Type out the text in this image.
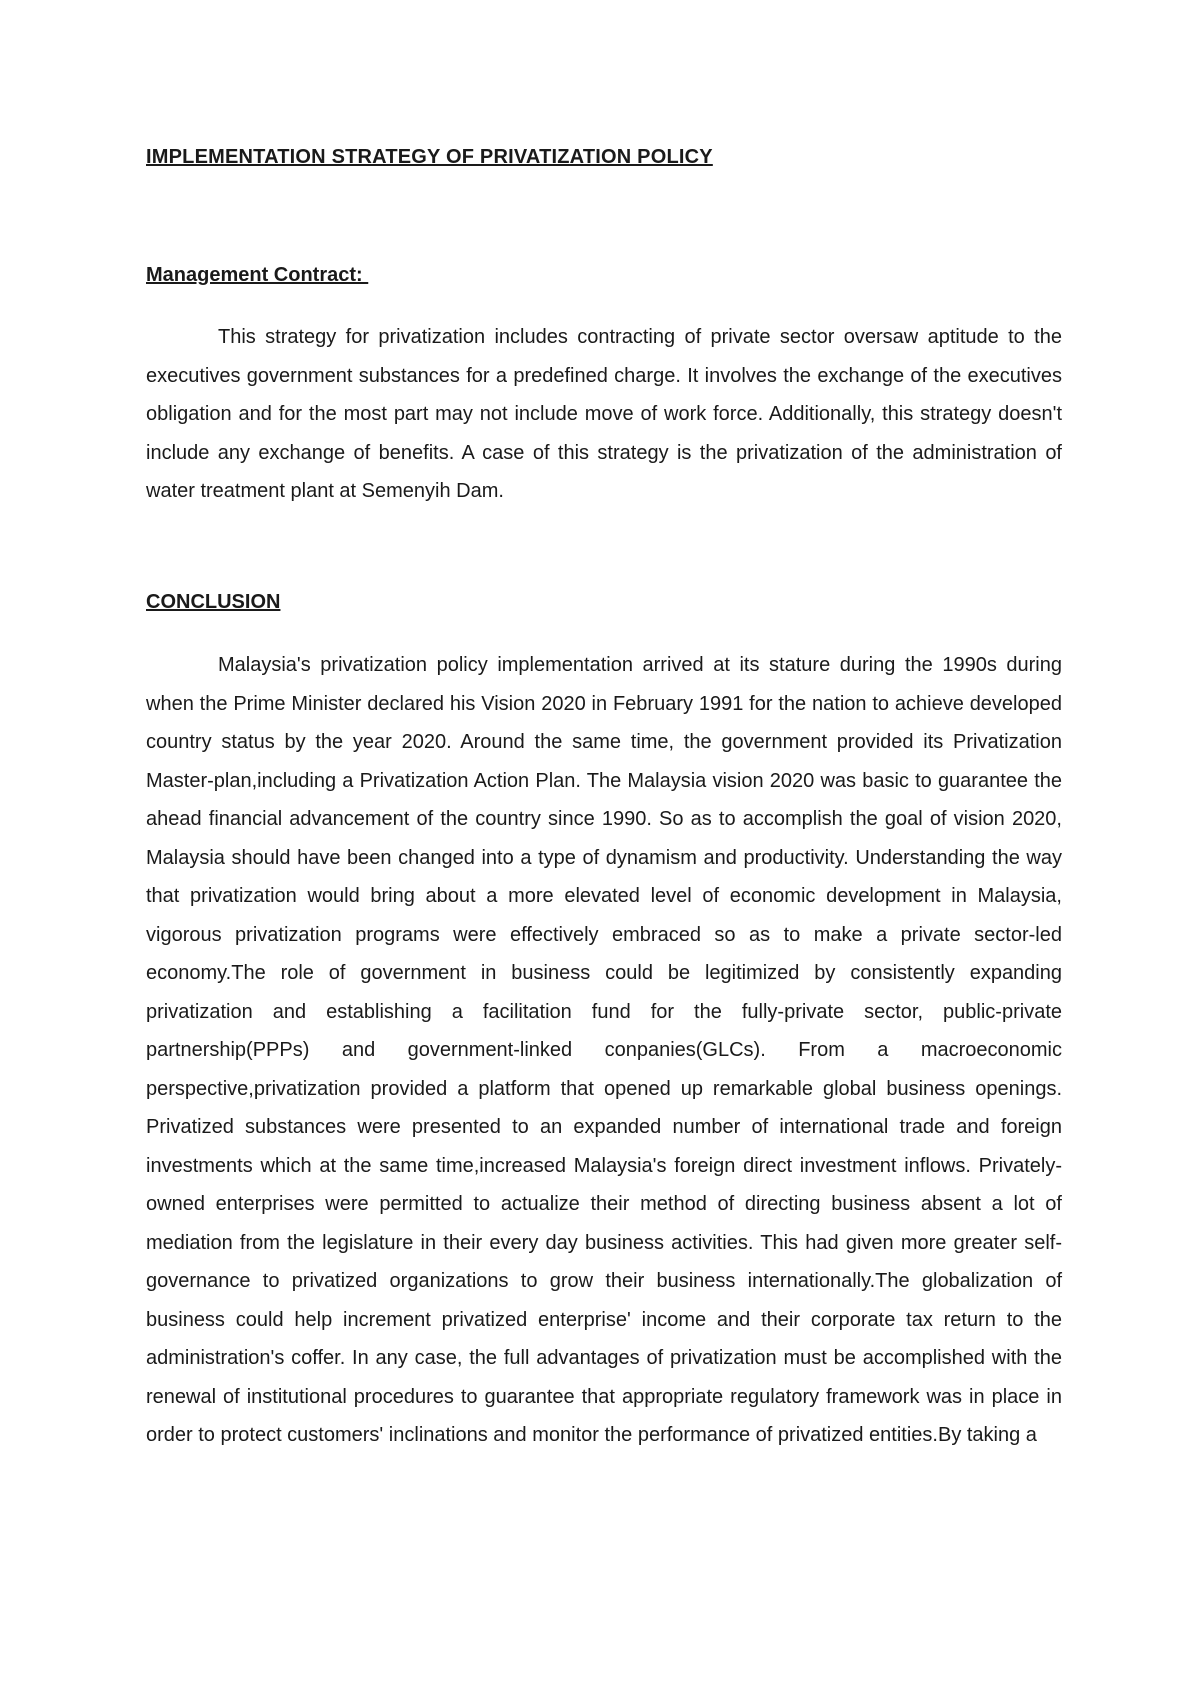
IMPLEMENTATION STRATEGY OF PRIVATIZATION POLICY
Management Contract:

This strategy for privatization includes contracting of private sector oversaw aptitude to the executives government substances for a predefined charge. It involves the exchange of the executives obligation and for the most part may not include move of work force. Additionally, this strategy doesn't include any exchange of benefits. A case of this strategy is the privatization of the administration of water treatment plant at Semenyih Dam.

CONCLUSION

Malaysia's privatization policy implementation arrived at its stature during the 1990s during when the Prime Minister declared his Vision 2020 in February 1991 for the nation to achieve developed country status by the year 2020. Around the same time, the government provided its Privatization Master-plan,including a Privatization Action Plan. The Malaysia vision 2020 was basic to guarantee the ahead financial advancement of the country since 1990. So as to accomplish the goal of vision 2020, Malaysia should have been changed into a type of dynamism and productivity. Understanding the way that privatization would bring about a more elevated level of economic development in Malaysia, vigorous privatization programs were effectively embraced so as to make a private sector-led economy.The role of government in business could be legitimized by consistently expanding privatization and establishing a facilitation fund for the fully-private sector, public-private partnership(PPPs) and government-linked conpanies(GLCs). From a macroeconomic perspective,privatization provided a platform that opened up remarkable global business openings. Privatized substances were presented to an expanded number of international trade and foreign investments which at the same time,increased Malaysia's foreign direct investment inflows. Privately-owned enterprises were permitted to actualize their method of directing business absent a lot of mediation from the legislature in their every day business activities. This had given more greater self-governance to privatized organizations to grow their business internationally.The globalization of business could help increment privatized enterprise' income and their corporate tax return to the administration's coffer. In any case, the full advantages of privatization must be accomplished with the renewal of institutional procedures to guarantee that appropriate regulatory framework was in place in order to protect customers' inclinations and monitor the performance of privatized entities.By taking a
